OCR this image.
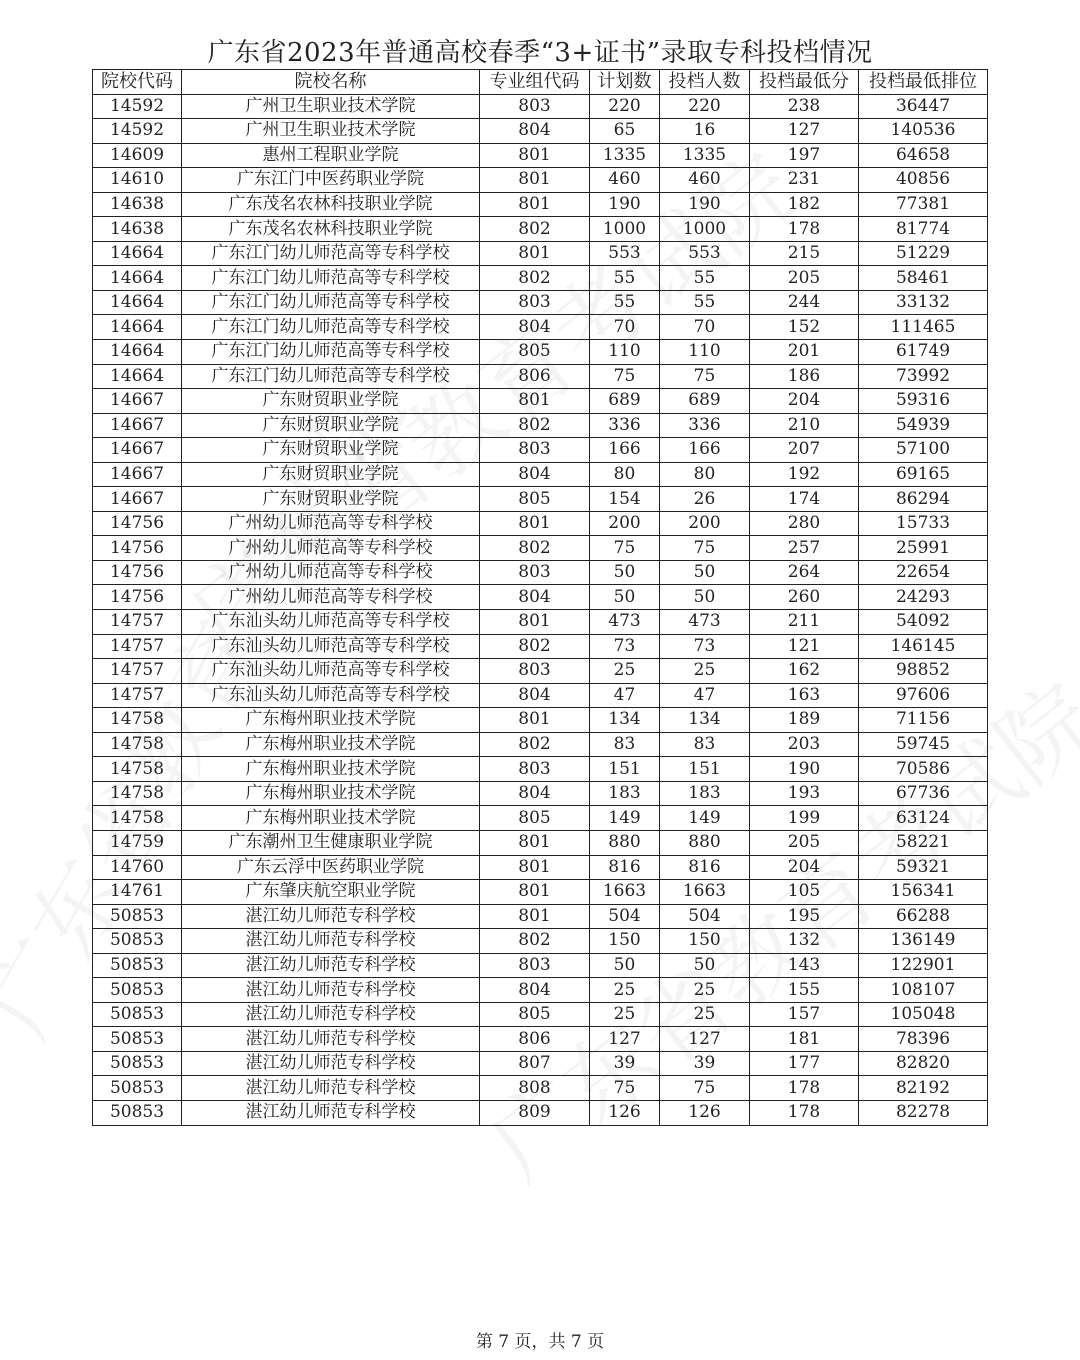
广东省2023年普通高校春季“3+证书”录取专科投档情况
院校代码	院校名称	专业组代码	计划数	投档人数	投档最低分	投档最低排位
14592	广州卫生职业技术学院	803	220	220	238	36447
14592	广州卫生职业技术学院	804	65	16	127	140536
14609	惠州工程职业学院	801	1335	1335	197	64658
14610	广东江门中医药职业学院	801	460	460	231	40856
14638	广东茂名农林科技职业学院	801	190	190	182	77381
14638	广东茂名农林科技职业学院	802	1000	1000	178	81774
14664	广东江门幼儿师范高等专科学校	801	553	553	215	51229
14664	广东江门幼儿师范高等专科学校	802	55	55	205	58461
14664	广东江门幼儿师范高等专科学校	803	55	55	244	33132
14664	广东江门幼儿师范高等专科学校	804	70	70	152	111465
14664	广东江门幼儿师范高等专科学校	805	110	110	201	61749
14664	广东江门幼儿师范高等专科学校	806	75	75	186	73992
14667	广东财贸职业学院	801	689	689	204	59316
14667	广东财贸职业学院	802	336	336	210	54939
14667	广东财贸职业学院	803	166	166	207	57100
14667	广东财贸职业学院	804	80	80	192	69165
14667	广东财贸职业学院	805	154	26	174	86294
14756	广州幼儿师范高等专科学校	801	200	200	280	15733
14756	广州幼儿师范高等专科学校	802	75	75	257	25991
14756	广州幼儿师范高等专科学校	803	50	50	264	22654
14756	广州幼儿师范高等专科学校	804	50	50	260	24293
14757	广东汕头幼儿师范高等专科学校	801	473	473	211	54092
14757	广东汕头幼儿师范高等专科学校	802	73	73	121	146145
14757	广东汕头幼儿师范高等专科学校	803	25	25	162	98852
14757	广东汕头幼儿师范高等专科学校	804	47	47	163	97606
14758	广东梅州职业技术学院	801	134	134	189	71156
14758	广东梅州职业技术学院	802	83	83	203	59745
14758	广东梅州职业技术学院	803	151	151	190	70586
14758	广东梅州职业技术学院	804	183	183	193	67736
14758	广东梅州职业技术学院	805	149	149	199	63124
14759	广东潮州卫生健康职业学院	801	880	880	205	58221
14760	广东云浮中医药职业学院	801	816	816	204	59321
14761	广东肇庆航空职业学院	801	1663	1663	105	156341
50853	湛江幼儿师范专科学校	801	504	504	195	66288
50853	湛江幼儿师范专科学校	802	150	150	132	136149
50853	湛江幼儿师范专科学校	803	50	50	143	122901
50853	湛江幼儿师范专科学校	804	25	25	155	108107
50853	湛江幼儿师范专科学校	805	25	25	157	105048
50853	湛江幼儿师范专科学校	806	127	127	181	78396
50853	湛江幼儿师范专科学校	807	39	39	177	82820
50853	湛江幼儿师范专科学校	808	75	75	178	82192
50853	湛江幼儿师范专科学校	809	126	126	178	82278
第 7 页，共 7 页
